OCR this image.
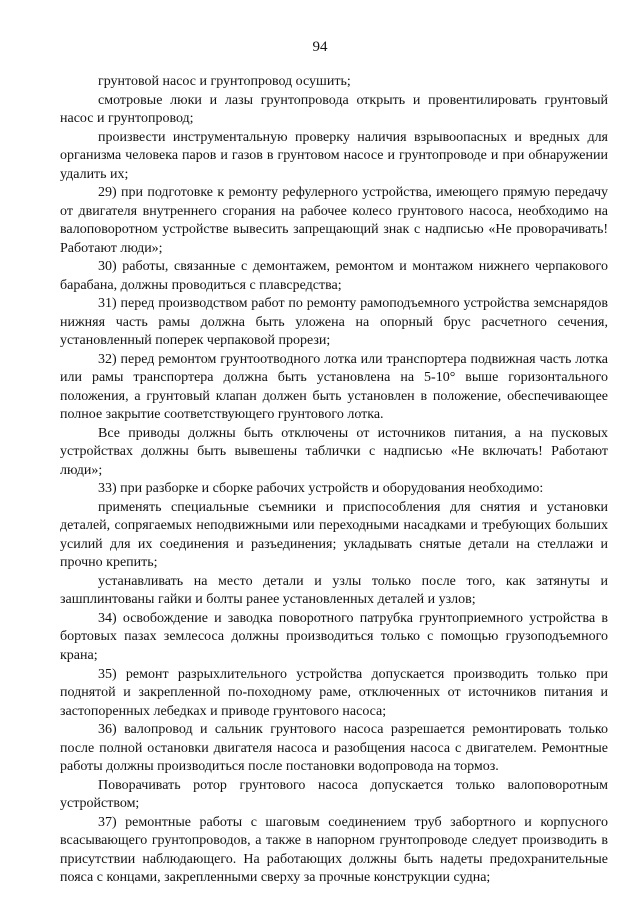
94

грунтовой насос и грунтопровод осушить;

смотровые люки и лазы грунтопровода открыть и провентилировать грунтовый насос и грунтопровод;

произвести инструментальную проверку наличия взрывоопасных и вредных для организма человека паров и газов в грунтовом насосе и грунтопроводе и при обнаружении удалить их;

29) при подготовке к ремонту рефулерного устройства, имеющего прямую передачу от двигателя внутреннего сгорания на рабочее колесо грунтового насоса, необходимо на валоповоротном устройстве вывесить запрещающий знак с надписью «Не проворачивать! Работают люди»;

30) работы, связанные с демонтажем, ремонтом и монтажом нижнего черпакового барабана, должны проводиться с плавсредства;

31) перед производством работ по ремонту рамоподъемного устройства земснарядов нижняя часть рамы должна быть уложена на опорный брус расчетного сечения, установленный поперек черпаковой прорези;

32) перед ремонтом грунтоотводного лотка или транспортера подвижная часть лотка или рамы транспортера должна быть установлена на 5-10° выше горизонтального положения, а грунтовый клапан должен быть установлен в положение, обеспечивающее полное закрытие соответствующего грунтового лотка.

Все приводы должны быть отключены от источников питания, а на пусковых устройствах должны быть вывешены таблички с надписью «Не включать! Работают люди»;

33) при разборке и сборке рабочих устройств и оборудования необходимо:

применять специальные съемники и приспособления для снятия и установки деталей, сопрягаемых неподвижными или переходными насадками и требующих больших усилий для их соединения и разъединения; укладывать снятые детали на стеллажи и прочно крепить;

устанавливать на место детали и узлы только после того, как затянуты и зашплинтованы гайки и болты ранее установленных деталей и узлов;

34) освобождение и заводка поворотного патрубка грунтоприемного устройства в бортовых пазах землесоса должны производиться только с помощью грузоподъемного крана;

35) ремонт разрыхлительного устройства допускается производить только при поднятой и закрепленной по-походному раме, отключенных от источников питания и застопоренных лебедках и приводе грунтового насоса;

36) валопровод и сальник грунтового насоса разрешается ремонтировать только после полной остановки двигателя насоса и разобщения насоса с двигателем. Ремонтные работы должны производиться после постановки водопровода на тормоз.

Поворачивать ротор грунтового насоса допускается только валоповоротным устройством;

37) ремонтные работы с шаговым соединением труб забортного и корпусного всасывающего грунтопроводов, а также в напорном грунтопроводе следует производить в присутствии наблюдающего. На работающих должны быть надеты предохранительные пояса с концами, закрепленными сверху за прочные конструкции судна;
